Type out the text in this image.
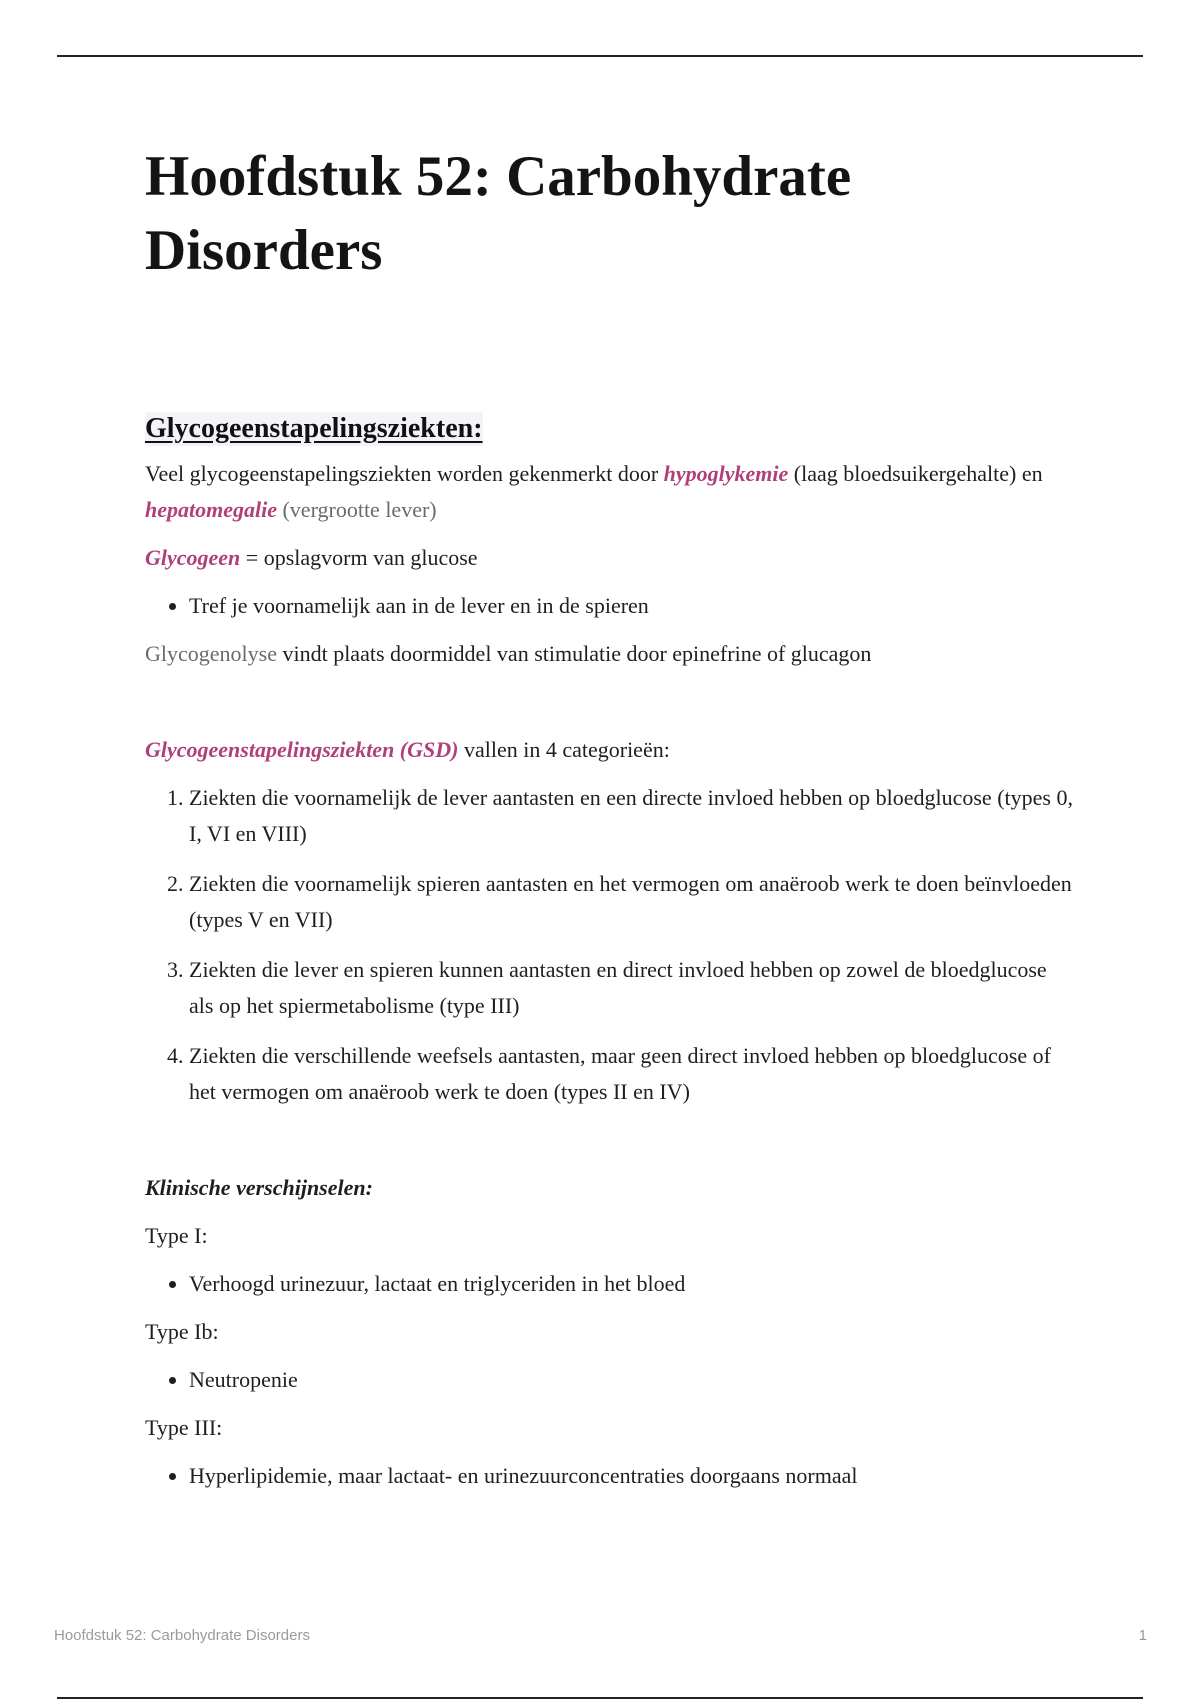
Hoofdstuk 52: Carbohydrate Disorders
Glycogeenstapelingsziekten:

Veel glycogeenstapelingsziekten worden gekenmerkt door hypoglykemie (laag bloedsuikergehalte) en hepatomegalie (vergrootte lever)

Glycogeen = opslagvorm van glucose

• Tref je voornamelijk aan in de lever en in de spieren

Glycogenolyse vindt plaats doormiddel van stimulatie door epinefrine of glucagon

Glycogeenstapelingsziekten (GSD) vallen in 4 categorieën:

1. Ziekten die voornamelijk de lever aantasten en een directe invloed hebben op bloedglucose (types 0, I, VI en VIII)
2. Ziekten die voornamelijk spieren aantasten en het vermogen om anaëroob werk te doen beïnvloeden (types V en VII)
3. Ziekten die lever en spieren kunnen aantasten en direct invloed hebben op zowel de bloedglucose als op het spiermetabolisme (type III)
4. Ziekten die verschillende weefsels aantasten, maar geen direct invloed hebben op bloedglucose of het vermogen om anaëroob werk te doen (types II en IV)

Klinische verschijnselen:

Type I:

• Verhoogd urinezuur, lactaat en triglyceriden in het bloed

Type Ib:

• Neutropenie

Type III:

• Hyperlipidemie, maar lactaat- en urinezuurconcentraties doorgaans normaal
Hoofdstuk 52: Carbohydrate Disorders	1
